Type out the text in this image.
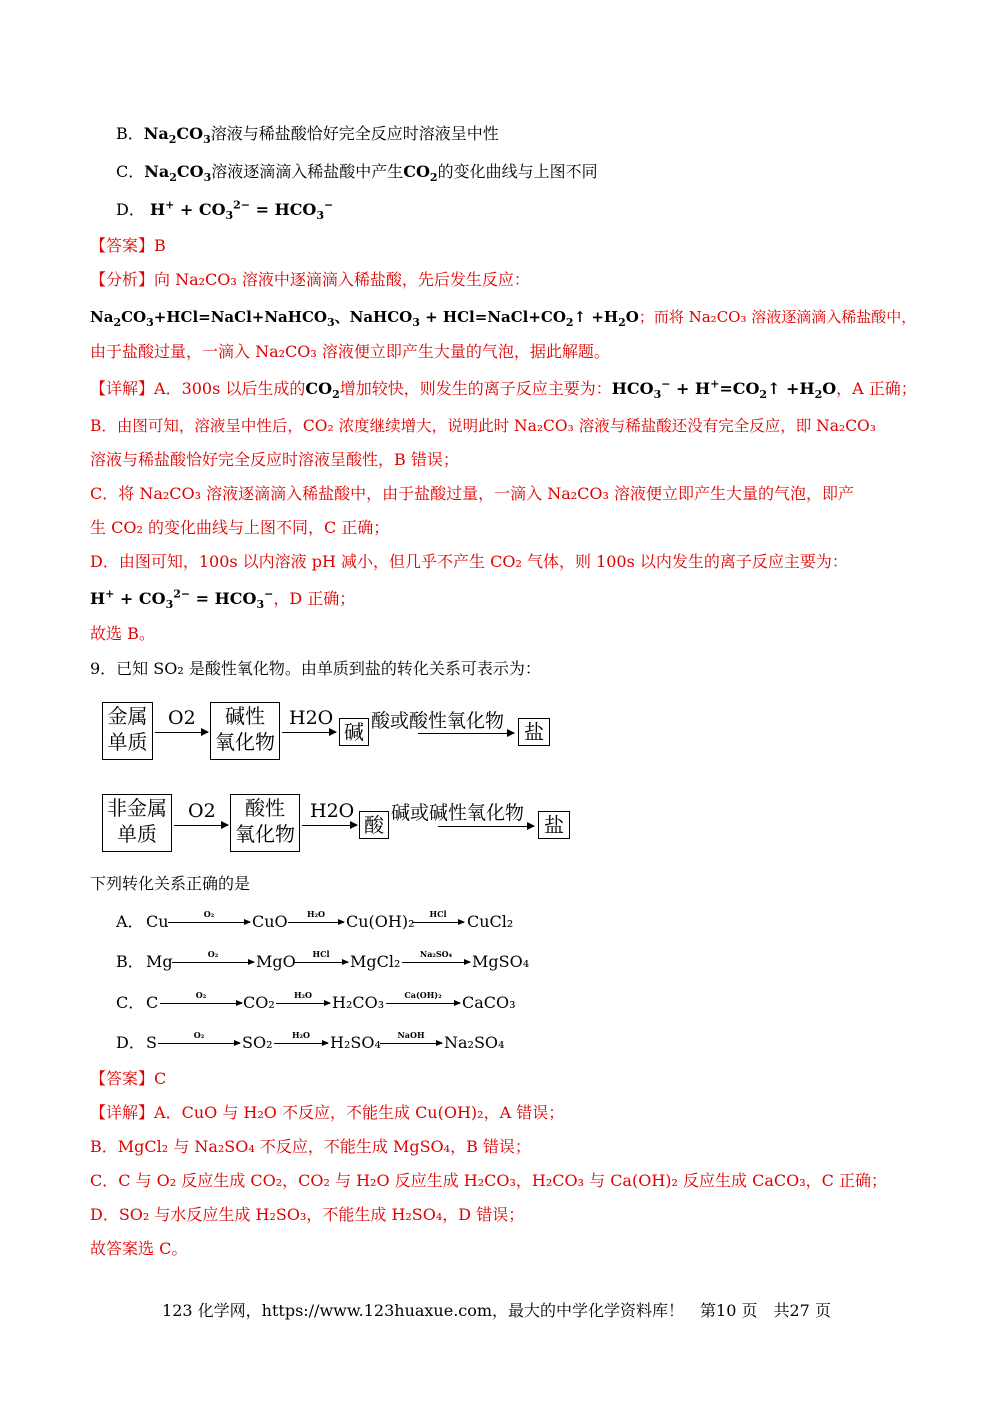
B．$Na_2CO_3$溶液与稀盐酸恰好完全反应时溶液呈中性
C．$Na_2CO_3$溶液逐滴滴入稀盐酸中产生$CO_2$的变化曲线与上图不同
D． $H^+ + CO_3^{2-} = HCO_3^-$
【答案】B
【分析】向 Na₂CO₃ 溶液中逐滴滴入稀盐酸，先后发生反应：
$Na_2CO_3+HCl=NaCl+NaHCO_3$、NaHCO$_3$ + $HCl=NaCl+CO_2↑ +H_2O$；而将 Na₂CO₃ 溶液逐滴滴入稀盐酸中，
由于盐酸过量，一滴入 Na₂CO₃ 溶液便立即产生大量的气泡，据此解题。
【详解】A．300s 以后生成的$CO_2$增加较快，则发生的离子反应主要为：$HCO_3^-$ + $H^+=CO_2↑ +H_2O$，A 正确；
B．由图可知，溶液呈中性后，CO₂ 浓度继续增大，说明此时 Na₂CO₃ 溶液与稀盐酸还没有完全反应，即 Na₂CO₃
溶液与稀盐酸恰好完全反应时溶液呈酸性，B 错误；
C．将 Na₂CO₃ 溶液逐滴滴入稀盐酸中，由于盐酸过量，一滴入 Na₂CO₃ 溶液便立即产生大量的气泡，即产
生 CO₂ 的变化曲线与上图不同，C 正确；
D．由图可知，100s 以内溶液 pH 减小，但几乎不产生 CO₂ 气体，则 100s 以内发生的离子反应主要为：
$H^+ + CO_3^{2-} = HCO_3^-$，D 正确；
故选 B。
9．已知 SO₂ 是酸性氧化物。由单质到盐的转化关系可表示为：
金属
单质
O2	碱性
氧化物
H2O
碱 酸或酸性氧化物 盐
非金属
单质
O2	酸性
氧化物
H2O
酸 碱或碱性氧化物 盐
下列转化关系正确的是
A． Cu	O₂	CuO	H₂O	Cu(OH)₂	HCl	CuCl₂
B． Mg	O₂	MgO	HCl	MgCl₂	Na₂SO₄	MgSO₄
C． C	O₂	CO₂	H₂O	H₂CO₃	Ca(OH)₂	CaCO₃
D． S	O₂	SO₂	H₂O	H₂SO₄	NaOH	Na₂SO₄
【答案】C
【详解】A．CuO 与 H₂O 不反应，不能生成 Cu(OH)₂，A 错误；
B．MgCl₂ 与 Na₂SO₄ 不反应，不能生成 MgSO₄，B 错误；
C．C 与 O₂ 反应生成 CO₂，CO₂ 与 H₂O 反应生成 H₂CO₃，H₂CO₃ 与 Ca(OH)₂ 反应生成 CaCO₃，C 正确；
D．SO₂ 与水反应生成 H₂SO₃，不能生成 H₂SO₄，D 错误；
故答案选 C。
123 化学网，https://www.123huaxue.com，最大的中学化学资料库！　第10 页　共27 页
